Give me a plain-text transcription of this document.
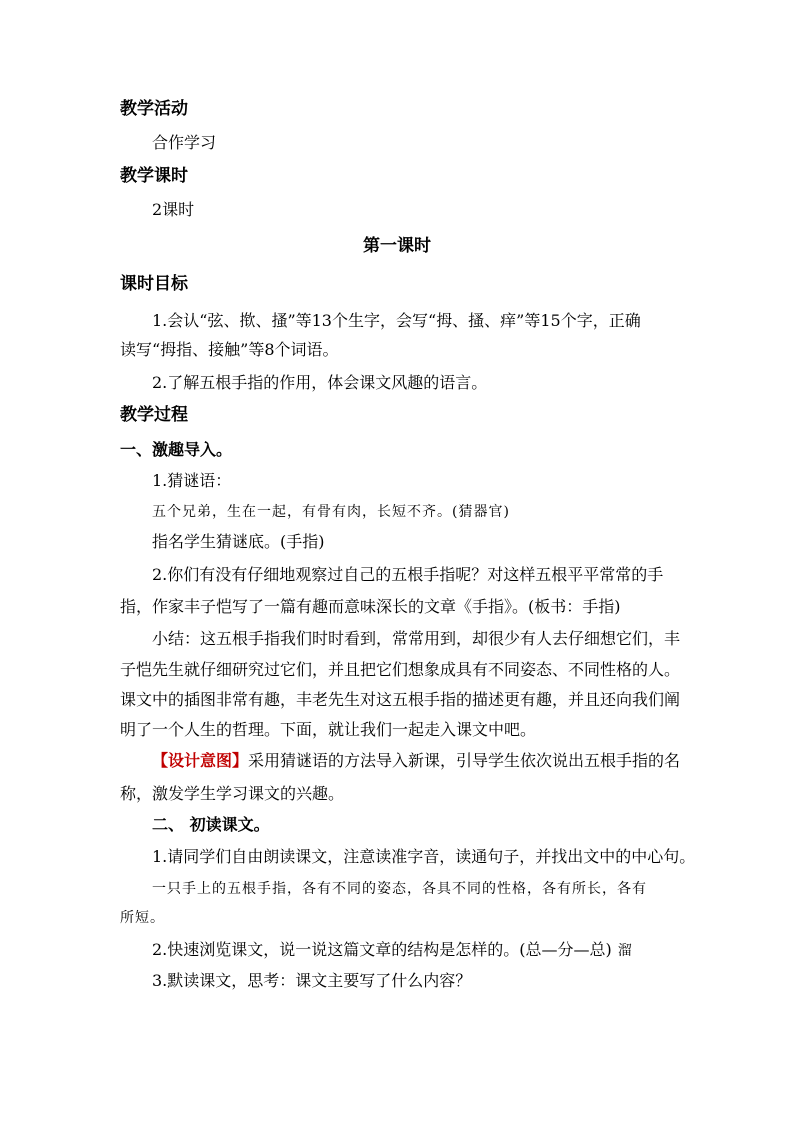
教学活动
合作学习
教学课时
2课时
第一课时
课时目标
1.会认“弦、揿、搔”等13个生字，会写“拇、搔、痒”等15个字，正确
读写“拇指、接触”等8个词语。
2.了解五根手指的作用，体会课文风趣的语言。
教学过程
一、激趣导入。
1.猜谜语：
五个兄弟，生在一起，有骨有肉，长短不齐。(猜器官)
指名学生猜谜底。(手指)
2.你们有没有仔细地观察过自己的五根手指呢？对这样五根平平常常的手
指，作家丰子恺写了一篇有趣而意味深长的文章《手指》。(板书：手指)
小结：这五根手指我们时时看到，常常用到，却很少有人去仔细想它们，丰
子恺先生就仔细研究过它们，并且把它们想象成具有不同姿态、不同性格的人。
课文中的插图非常有趣，丰老先生对这五根手指的描述更有趣，并且还向我们阐
明了一个人生的哲理。下面，就让我们一起走入课文中吧。
【设计意图】采用猜谜语的方法导入新课，引导学生依次说出五根手指的名
称，激发学生学习课文的兴趣。
二、 初读课文。
1.请同学们自由朗读课文，注意读准字音，读通句子，并找出文中的中心句。
一只手上的五根手指，各有不同的姿态，各具不同的性格，各有所长，各有
所短。
2.快速浏览课文，说一说这篇文章的结构是怎样的。(总—分—总) 溜
3.默读课文，思考：课文主要写了什么内容？
